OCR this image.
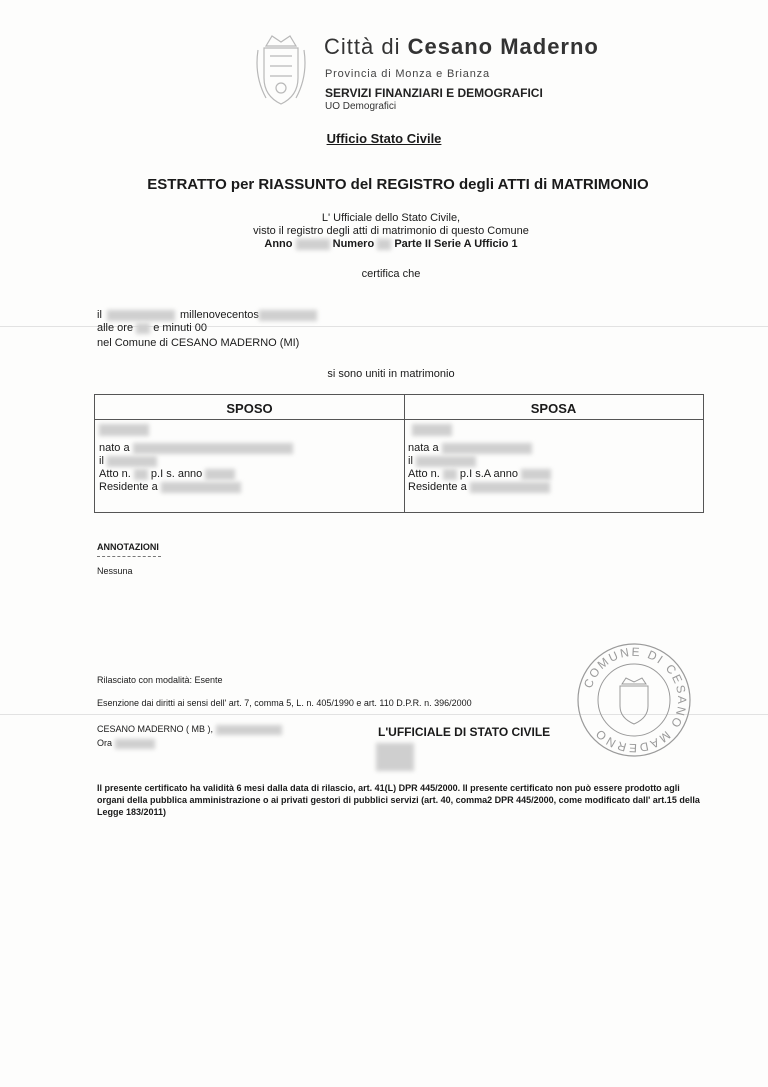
Città di Cesano Maderno
Provincia di Monza e Brianza
SERVIZI FINANZIARI E DEMOGRAFICI
UO Demografici
Ufficio Stato Civile
ESTRATTO per RIASSUNTO del REGISTRO degli ATTI di MATRIMONIO
L' Ufficiale dello Stato Civile,
visto il registro degli atti di matrimonio di questo Comune
Anno	Numero Parte II Serie A Ufficio 1
certifica che
il	millenovecentos
alle ore e minuti 00
nel Comune di CESANO MADERNO (MI)
si sono uniti in matrimonio
SPOSO
nato a
il
Atto n. p.I s. anno
Residente a
SPOSA
nata a
il
Atto n. p.I s.A anno
Residente a
ANNOTAZIONI
Nessuna
Rilasciato con modalità: Esente
Esenzione dai diritti ai sensi dell' art. 7, comma 5, L. n. 405/1990 e art. 110 D.P.R. n. 396/2000
CESANO MADERNO ( MB ),
Ora
L'UFFICIALE DI STATO CIVILE
COMUNE DI CESANO MADERNO
Il presente certificato ha validità 6 mesi dalla data di rilascio, art. 41(L) DPR 445/2000. Il presente certificato non può essere prodotto agli organi della pubblica amministrazione o ai privati gestori di pubblici servizi (art. 40, comma2 DPR 445/2000, come modificato dall' art.15 della Legge 183/2011)
